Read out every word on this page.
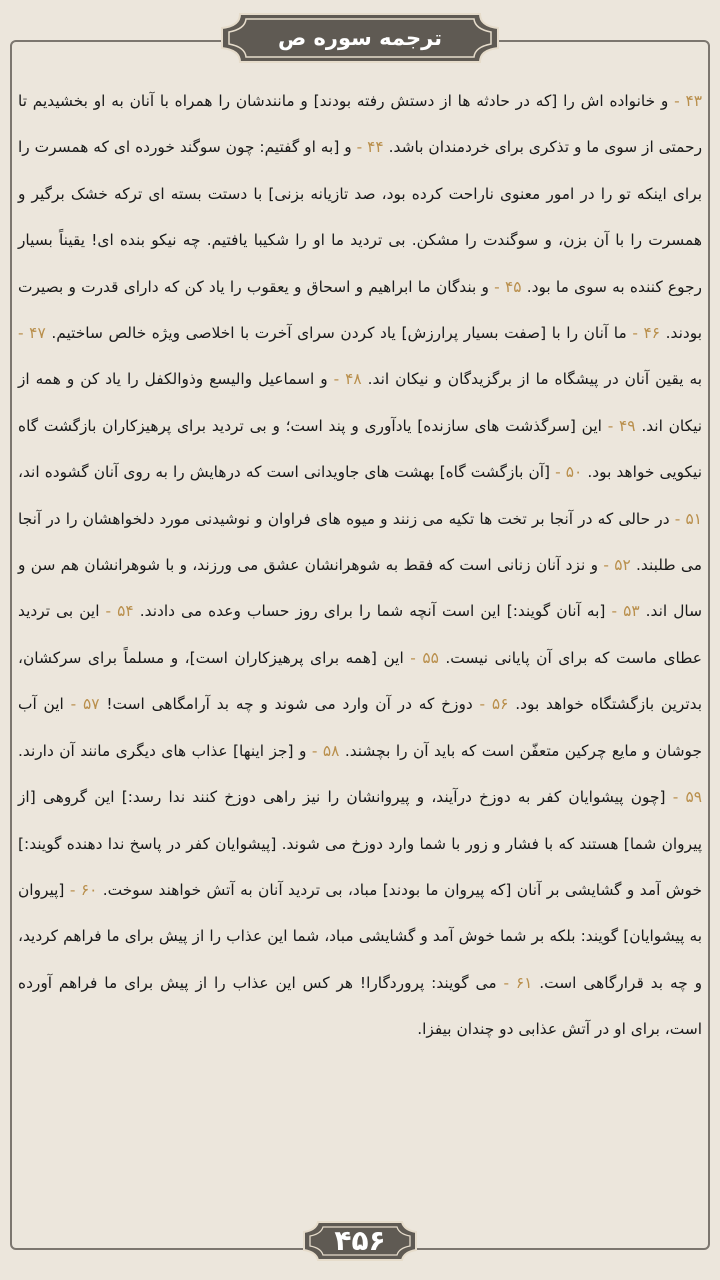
ترجمه سوره ص
۴۳ - و خانواده اش را [که در حادثه ها از دستش رفته بودند] و مانندشان را همراه با آنان به او بخشیدیم تا رحمتی از سوی ما و تذکری برای خردمندان باشد. ۴۴ - و [به او گفتیم: چون سوگند خورده ای که همسرت را برای اینکه تو را در امور معنوی ناراحت کرده بود، صد تازیانه بزنی] با دستت بسته ای ترکه خشک برگیر و همسرت را با آن بزن، و سوگندت را مشکن. بی تردید ما او را شکیبا یافتیم. چه نیکو بنده ای! یقیناً بسیار رجوع کننده به سوی ما بود. ۴۵ - و بندگان ما ابراهیم و اسحاق و یعقوب را یاد کن که دارای قدرت و بصیرت بودند. ۴۶ - ما آنان را با [صفت بسیار پرارزش] یاد کردن سرای آخرت با اخلاصی ویژه خالص ساختیم. ۴۷ - به یقین آنان در پیشگاه ما از برگزیدگان و نیکان اند. ۴۸ - و اسماعیل والیسع وذوالکفل را یاد کن و همه از نیکان اند. ۴۹ - این [سرگذشت های سازنده] یادآوری و پند است؛ و بی تردید برای پرهیزکاران بازگشت گاه نیکویی خواهد بود. ۵۰ - [آن بازگشت گاه] بهشت های جاویدانی است که درهایش را به روی آنان گشوده اند، ۵۱ - در حالی که در آنجا بر تخت ها تکیه می زنند و میوه های فراوان و نوشیدنی مورد دلخواهشان را در آنجا می طلبند. ۵۲ - و نزد آنان زنانی است که فقط به شوهرانشان عشق می ورزند، و با شوهرانشان هم سن و سال اند. ۵۳ - [به آنان گویند:] این است آنچه شما را برای روز حساب وعده می دادند. ۵۴ - این بی تردید عطای ماست که برای آن پایانی نیست. ۵۵ - این [همه برای پرهیزکاران است]، و مسلماً برای سرکشان، بدترین بازگشتگاه خواهد بود. ۵۶ - دوزخ که در آن وارد می شوند و چه بد آرامگاهی است! ۵۷ - این آب جوشان و مایع چرکین متعفّن است که باید آن را بچشند. ۵۸ - و [جز اینها] عذاب های دیگری مانند آن دارند. ۵۹ - [چون پیشوایان کفر به دوزخ درآیند، و پیروانشان را نیز راهی دوزخ کنند ندا رسد:] این گروهی [از پیروان شما] هستند که با فشار و زور با شما وارد دوزخ می شوند. [پیشوایان کفر در پاسخ ندا دهنده گویند:] خوش آمد و گشایشی بر آنان [که پیروان ما بودند] مباد، بی تردید آنان به آتش خواهند سوخت. ۶۰ - [پیروان به پیشوایان] گویند: بلکه بر شما خوش آمد و گشایشی مباد، شما این عذاب را از پیش برای ما فراهم کردید، و چه بد قرارگاهی است. ۶۱ - می گویند: پروردگارا! هر کس این عذاب را از پیش برای ما فراهم آورده است، برای او در آتش عذابی دو چندان بیفزا.
۴۵۶
